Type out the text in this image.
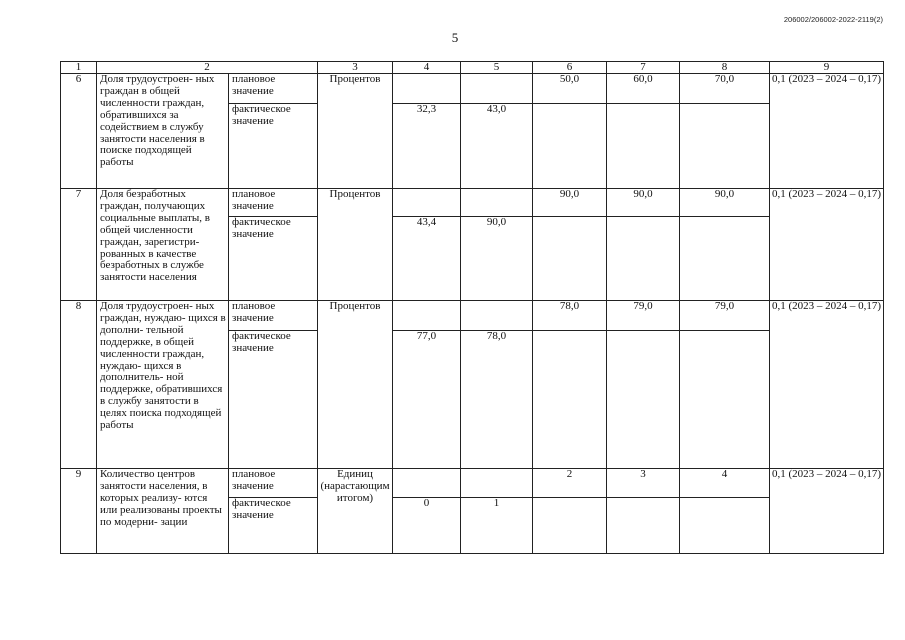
206002/206002-2022-2119(2)
5
1	2		3	4	5	6	7	8	9
6	Доля трудоустроен- ных граждан в общей численности граждан, обратившихся за содействием в службу занятости населения в поиске подходящей работы	плановое значение	Процентов			50,0	60,0	70,0	0,1 (2023 – 2024 – 0,17)
		фактическое значение		32,3	43,0				
7	Доля безработных граждан, получающих социальные выплаты, в общей численности граждан, зарегистри- рованных в качестве безработных в службе занятости населения	плановое значение	Процентов			90,0	90,0	90,0	0,1 (2023 – 2024 – 0,17)
		фактическое значение		43,4	90,0				
8	Доля трудоустроен- ных граждан, нуждаю- щихся в дополни- тельной поддержке, в общей численности граждан, нуждаю- щихся в дополнитель- ной поддержке, обратившихся в службу занятости в целях поиска подходящей работы	плановое значение	Процентов			78,0	79,0	79,0	0,1 (2023 – 2024 – 0,17)
		фактическое значение		77,0	78,0				
9	Количество центров занятости населения, в которых реализу- ются или реализованы проекты по модерни- зации	плановое значение	Единиц (нарастающим итогом)			2	3	4	0,1 (2023 – 2024 – 0,17)
		фактическое значение		0	1				
